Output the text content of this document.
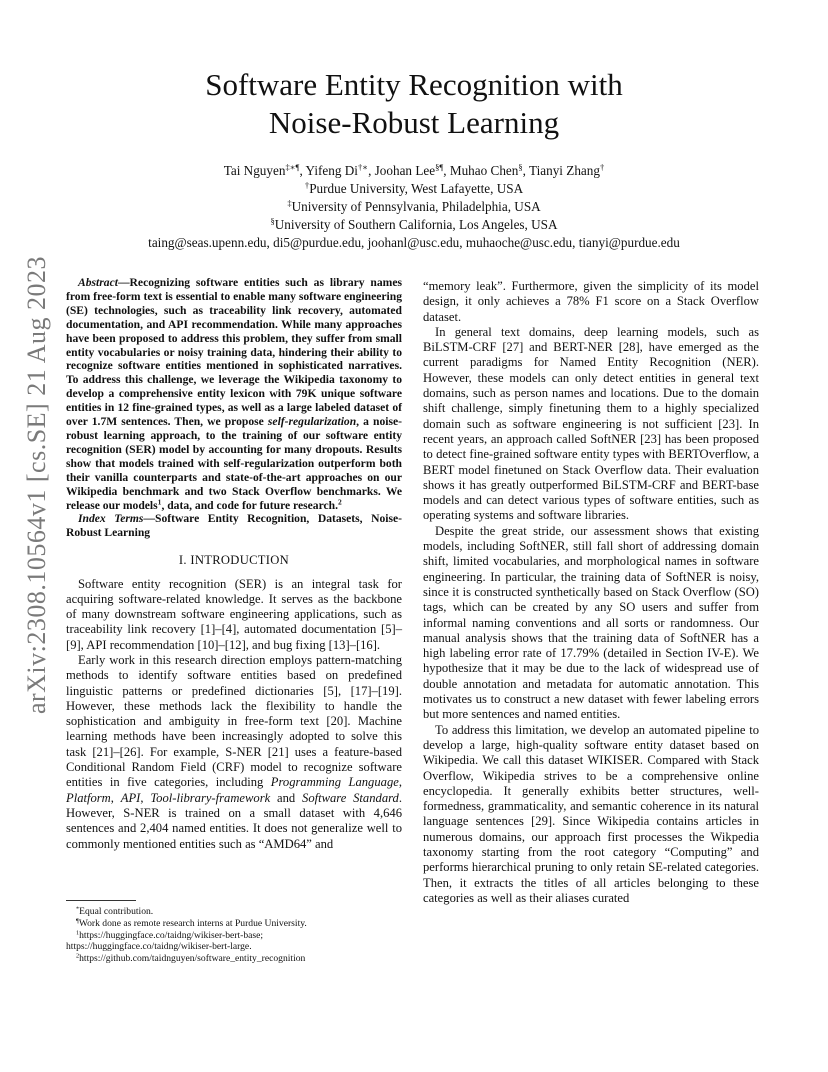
arXiv:2308.10564v1 [cs.SE] 21 Aug 2023
Software Entity Recognition with
Noise-Robust Learning
Tai Nguyen‡∗¶, Yifeng Di†∗, Joohan Lee§¶, Muhao Chen§, Tianyi Zhang†
†Purdue University, West Lafayette, USA
‡University of Pennsylvania, Philadelphia, USA
§University of Southern California, Los Angeles, USA
taing@seas.upenn.edu, di5@purdue.edu, joohanl@usc.edu, muhaoche@usc.edu, tianyi@purdue.edu

Abstract—Recognizing software entities such as library names from free-form text is essential to enable many software engineering (SE) technologies, such as traceability link recovery, automated documentation, and API recommendation. While many approaches have been proposed to address this problem, they suffer from small entity vocabularies or noisy training data, hindering their ability to recognize software entities mentioned in sophisticated narratives. To address this challenge, we leverage the Wikipedia taxonomy to develop a comprehensive entity lexicon with 79K unique software entities in 12 fine-grained types, as well as a large labeled dataset of over 1.7M sentences. Then, we propose self-regularization, a noise-robust learning approach, to the training of our software entity recognition (SER) model by accounting for many dropouts. Results show that models trained with self-regularization outperform both their vanilla counterparts and state-of-the-art approaches on our Wikipedia benchmark and two Stack Overflow benchmarks. We release our models$^1$, data, and code for future research.$^2$

Index Terms—Software Entity Recognition, Datasets, Noise-Robust Learning

I. INTRODUCTION

Software entity recognition (SER) is an integral task for acquiring software-related knowledge. It serves as the backbone of many downstream software engineering applications, such as traceability link recovery [1]–[4], automated documentation [5]–[9], API recommendation [10]–[12], and bug fixing [13]–[16].

Early work in this research direction employs pattern-matching methods to identify software entities based on predefined linguistic patterns or predefined dictionaries [5], [17]–[19]. However, these methods lack the flexibility to handle the sophistication and ambiguity in free-form text [20]. Machine learning methods have been increasingly adopted to solve this task [21]–[26]. For example, S-NER [21] uses a feature-based Conditional Random Field (CRF) model to recognize software entities in five categories, including Programming Language, Platform, API, Tool-library-framework and Software Standard. However, S-NER is trained on a small dataset with 4,646 sentences and 2,404 named entities. It does not generalize well to commonly mentioned entities such as “AMD64” and

*Equal contribution.
¶Work done as remote research interns at Purdue University.
$^1$https://huggingface.co/taidng/wikiser-bert-base;
https://huggingface.co/taidng/wikiser-bert-large.
$^2$https://github.com/taidnguyen/software_entity_recognition

“memory leak”. Furthermore, given the simplicity of its model design, it only achieves a 78% F1 score on a Stack Overflow dataset.

In general text domains, deep learning models, such as BiLSTM-CRF [27] and BERT-NER [28], have emerged as the current paradigms for Named Entity Recognition (NER). However, these models can only detect entities in general text domains, such as person names and locations. Due to the domain shift challenge, simply finetuning them to a highly specialized domain such as software engineering is not sufficient [23]. In recent years, an approach called SoftNER [23] has been proposed to detect fine-grained software entity types with BERTOverflow, a BERT model finetuned on Stack Overflow data. Their evaluation shows it has greatly outperformed BiLSTM-CRF and BERT-base models and can detect various types of software entities, such as operating systems and software libraries.

Despite the great stride, our assessment shows that existing models, including SoftNER, still fall short of addressing domain shift, limited vocabularies, and morphological names in software engineering. In particular, the training data of SoftNER is noisy, since it is constructed synthetically based on Stack Overflow (SO) tags, which can be created by any SO users and suffer from informal naming conventions and all sorts or randomness. Our manual analysis shows that the training data of SoftNER has a high labeling error rate of 17.79% (detailed in Section IV-E). We hypothesize that it may be due to the lack of widespread use of double annotation and metadata for automatic annotation. This motivates us to construct a new dataset with fewer labeling errors but more sentences and named entities.

To address this limitation, we develop an automated pipeline to develop a large, high-quality software entity dataset based on Wikipedia. We call this dataset WIKISER. Compared with Stack Overflow, Wikipedia strives to be a comprehensive online encyclopedia. It generally exhibits better structures, well-formedness, grammaticality, and semantic coherence in its natural language sentences [29]. Since Wikipedia contains articles in numerous domains, our approach first processes the Wikpedia taxonomy starting from the root category “Computing” and performs hierarchical pruning to only retain SE-related categories. Then, it extracts the titles of all articles belonging to these categories as well as their aliases curated
